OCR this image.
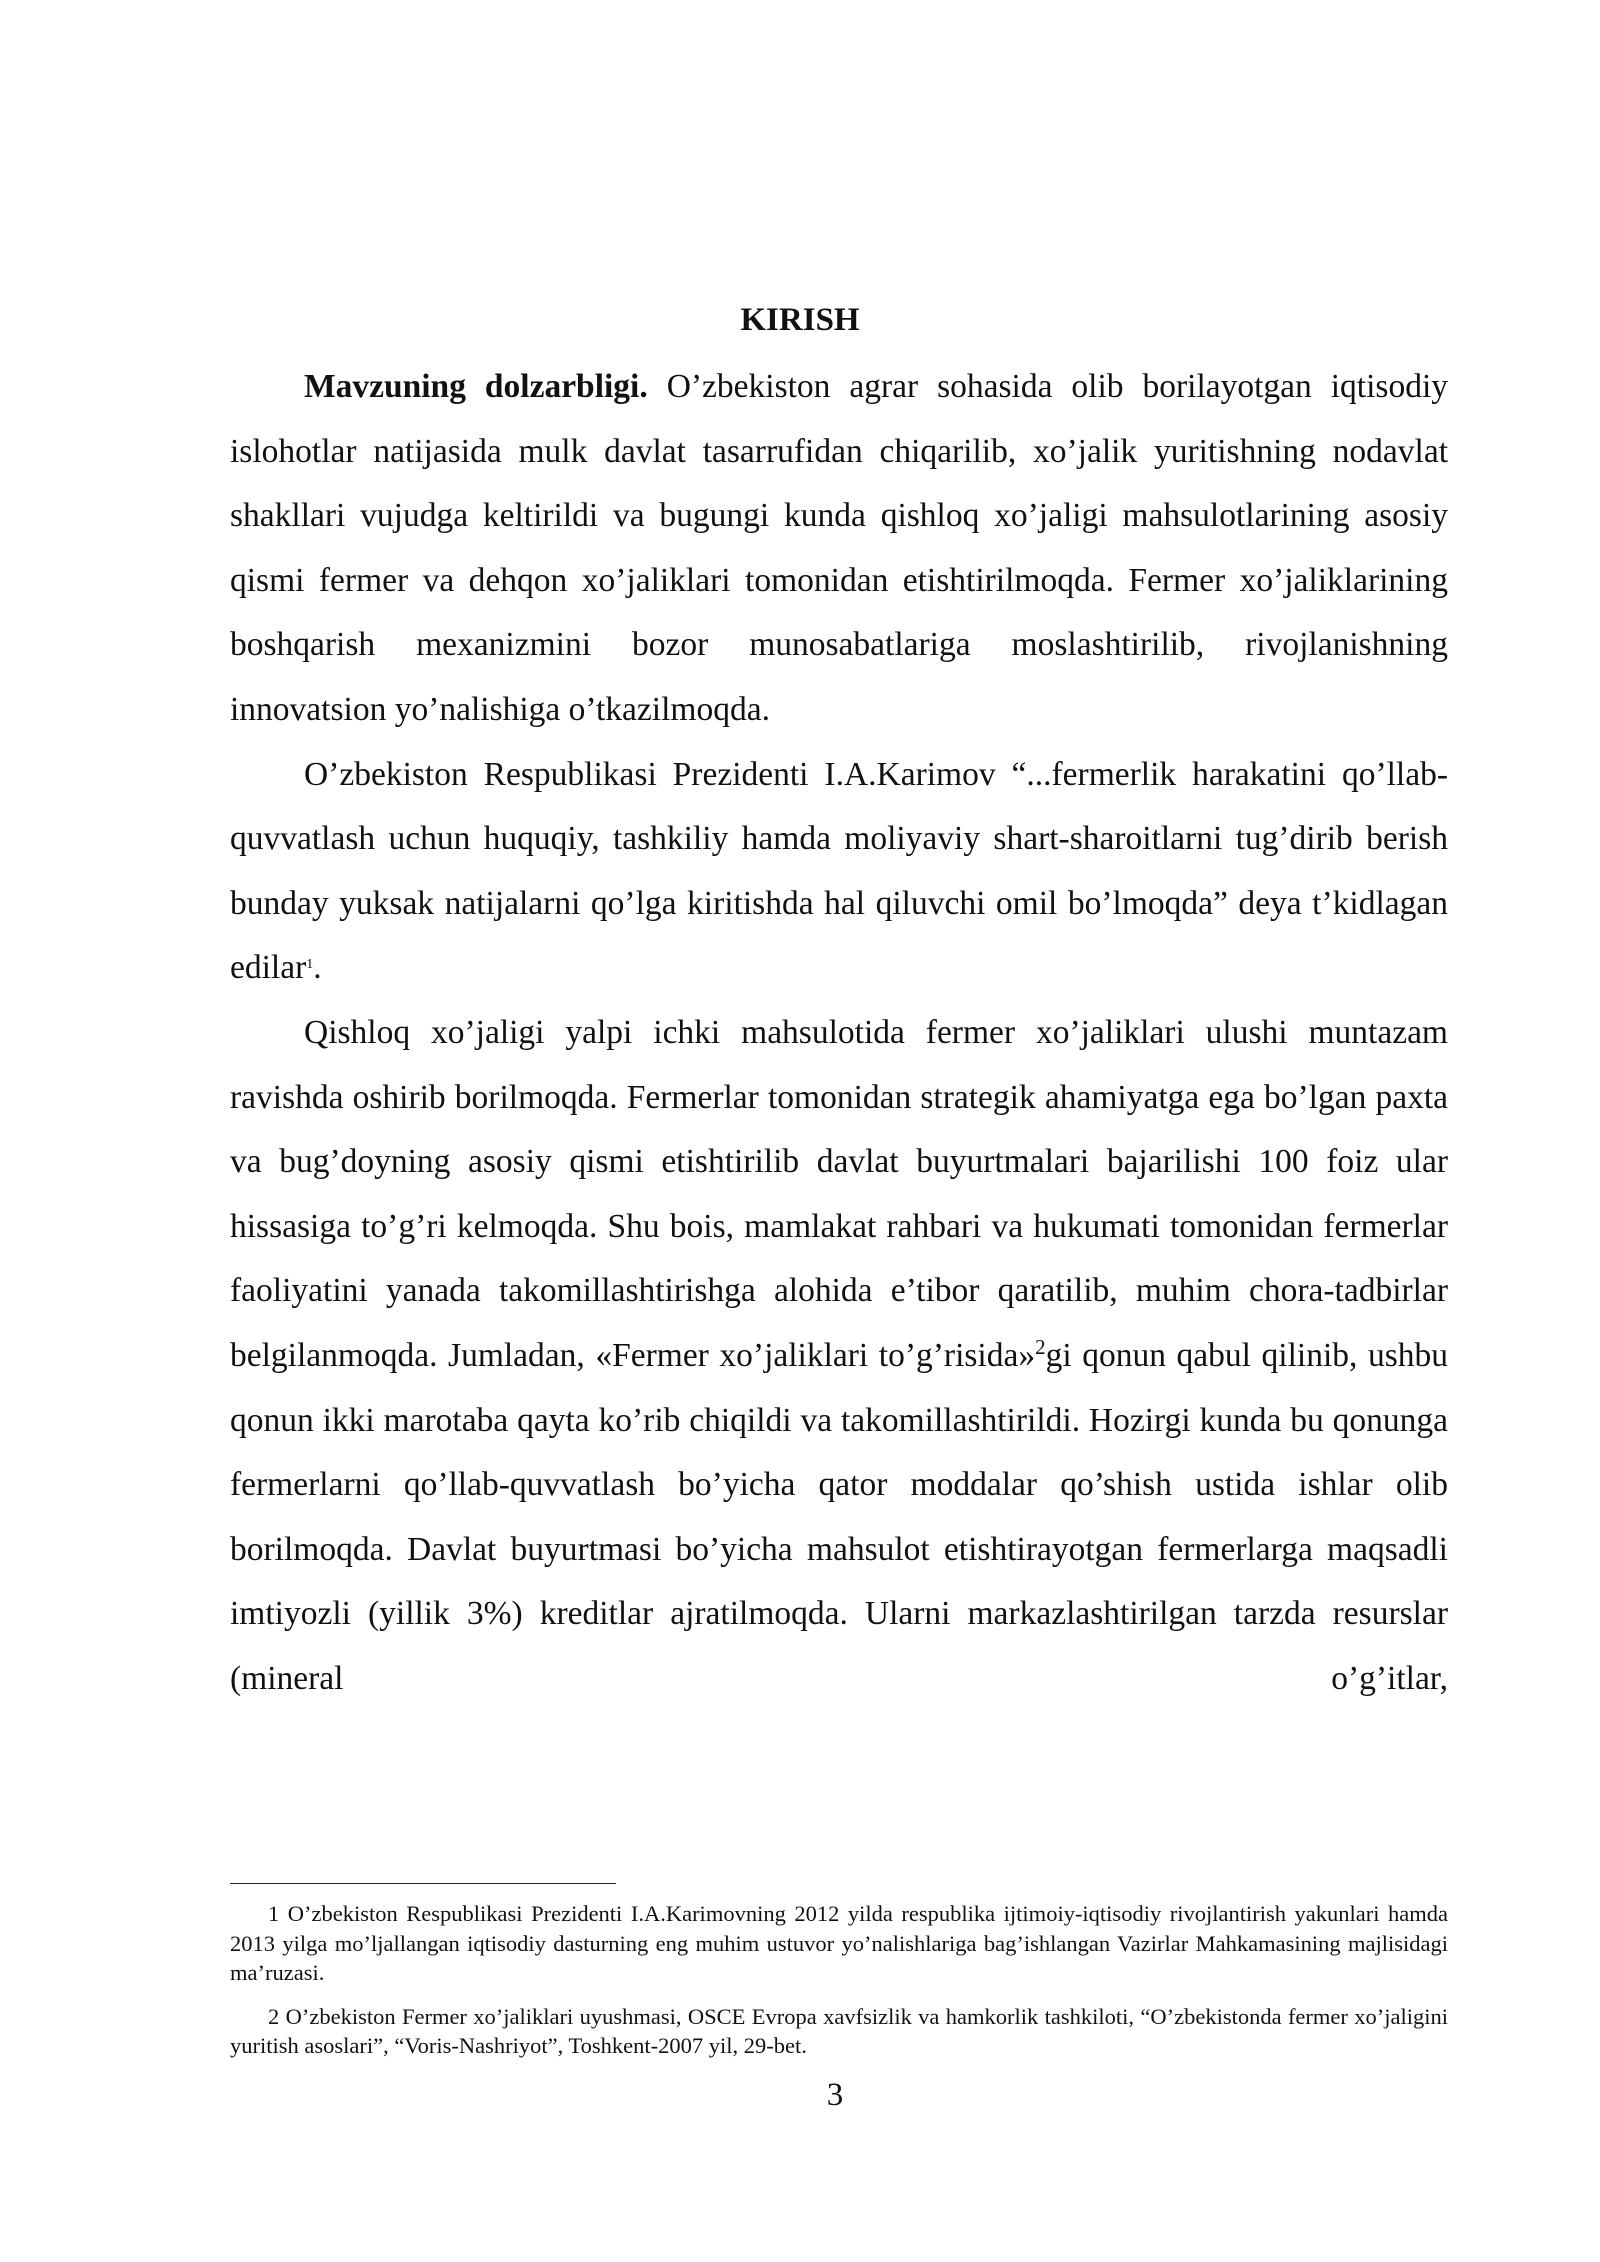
KIRISH

Mavzuning dolzarbligi. O’zbekiston agrar sohasida olib borilayotgan iqtisodiy islohotlar natijasida mulk davlat tasarrufidan chiqarilib, xo’jalik yuritishning nodavlat shakllari vujudga keltirildi va bugungi kunda qishloq xo’jaligi mahsulotlarining asosiy qismi fermer va dehqon xo’jaliklari tomonidan etishtirilmoqda. Fermer xo’jaliklarining boshqarish mexanizmini bozor munosabatlariga moslashtirilib, rivojlanishning innovatsion yo’nalishiga o’tkazilmoqda.

O’zbekiston Respublikasi Prezidenti I.A.Karimov “...fermerlik harakatini qo’llab-quvvatlash uchun huquqiy, tashkiliy hamda moliyaviy shart-sharoitlarni tug’dirib berish bunday yuksak natijalarni qo’lga kiritishda hal qiluvchi omil bo’lmoqda” deya t’kidlagan edilar$^1$.

Qishloq xo’jaligi yalpi ichki mahsulotida fermer xo’jaliklari ulushi muntazam ravishda oshirib borilmoqda. Fermerlar tomonidan strategik ahamiyatga ega bo’lgan paxta va bug’doyning asosiy qismi etishtirilib davlat buyurtmalari bajarilishi 100 foiz ular hissasiga to’g’ri kelmoqda. Shu bois, mamlakat rahbari va hukumati tomonidan fermerlar faoliyatini yanada takomillashtirishga alohida e’tibor qaratilib, muhim chora-tadbirlar belgilanmoqda. Jumladan, «Fermer xo’jaliklari to’g’risida»$^2$gi qonun qabul qilinib, ushbu qonun ikki marotaba qayta ko’rib chiqildi va takomillashtirildi. Hozirgi kunda bu qonunga fermerlarni qo’llab-quvvatlash bo’yicha qator moddalar qo’shish ustida ishlar olib borilmoqda. Davlat buyurtmasi bo’yicha mahsulot etishtirayotgan fermerlarga maqsadli imtiyozli (yillik 3%) kreditlar ajratilmoqda. Ularni markazlashtirilgan tarzda resurslar (mineral o’g’itlar,

1 O’zbekiston Respublikasi Prezidenti I.A.Karimovning 2012 yilda respublika ijtimoiy-iqtisodiy rivojlantirish yakunlari hamda 2013 yilga mo’ljallangan iqtisodiy dasturning eng muhim ustuvor yo’nalishlariga bag’ishlangan Vazirlar Mahkamasining majlisidagi ma’ruzasi.

2 O’zbekiston Fermer xo’jaliklari uyushmasi, OSCE Evropa xavfsizlik va hamkorlik tashkiloti, “O’zbekistonda fermer xo’jaligini yuritish asoslari”, “Voris-Nashriyot”, Toshkent-2007 yil, 29-bet.

3
